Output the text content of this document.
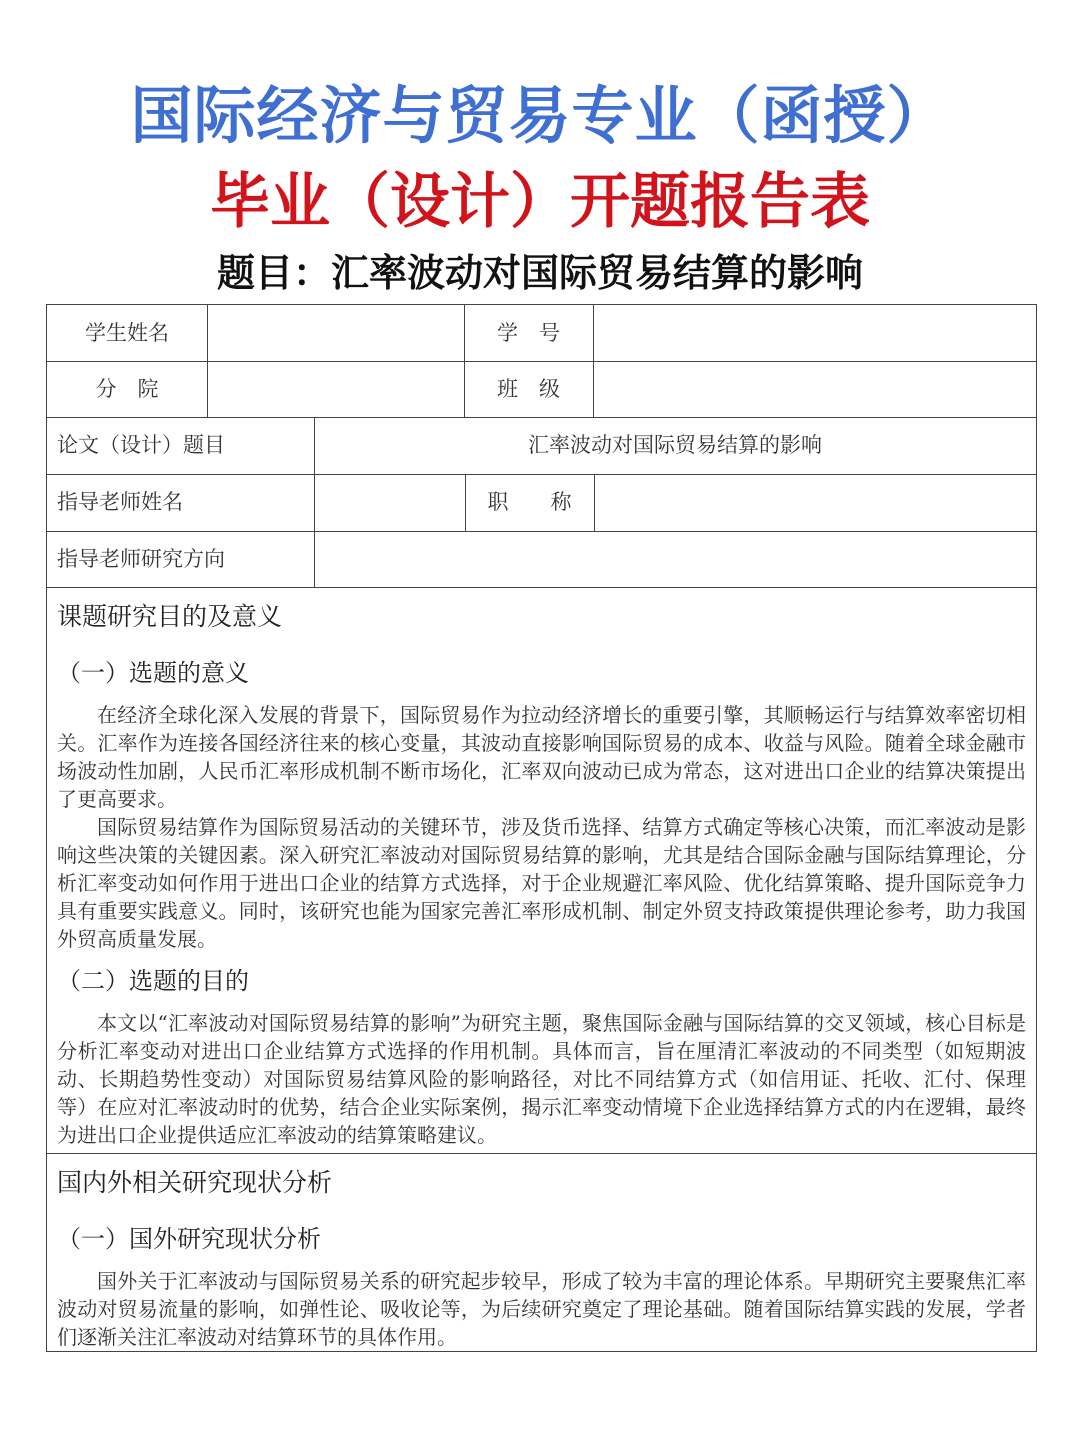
国际经济与贸易专业（函授）
毕业（设计）开题报告表
题目：汇率波动对国际贸易结算的影响
学生姓名	学　号
分　院	班　级
论文（设计）题目	汇率波动对国际贸易结算的影响
指导老师姓名	职　　称
指导老师研究方向

课题研究目的及意义

（一）选题的意义

在经济全球化深入发展的背景下，国际贸易作为拉动经济增长的重要引擎，其顺畅运行与结算效率密切相关。汇率作为连接各国经济往来的核心变量，其波动直接影响国际贸易的成本、收益与风险。随着全球金融市场波动性加剧，人民币汇率形成机制不断市场化，汇率双向波动已成为常态，这对进出口企业的结算决策提出了更高要求。

国际贸易结算作为国际贸易活动的关键环节，涉及货币选择、结算方式确定等核心决策，而汇率波动是影响这些决策的关键因素。深入研究汇率波动对国际贸易结算的影响，尤其是结合国际金融与国际结算理论，分析汇率变动如何作用于进出口企业的结算方式选择，对于企业规避汇率风险、优化结算策略、提升国际竞争力具有重要实践意义。同时，该研究也能为国家完善汇率形成机制、制定外贸支持政策提供理论参考，助力我国外贸高质量发展。

（二）选题的目的

本文以“汇率波动对国际贸易结算的影响”为研究主题，聚焦国际金融与国际结算的交叉领域，核心目标是分析汇率变动对进出口企业结算方式选择的作用机制。具体而言，旨在厘清汇率波动的不同类型（如短期波动、长期趋势性变动）对国际贸易结算风险的影响路径，对比不同结算方式（如信用证、托收、汇付、保理等）在应对汇率波动时的优势，结合企业实际案例，揭示汇率变动情境下企业选择结算方式的内在逻辑，最终为进出口企业提供适应汇率波动的结算策略建议。

国内外相关研究现状分析

（一）国外研究现状分析

国外关于汇率波动与国际贸易关系的研究起步较早，形成了较为丰富的理论体系。早期研究主要聚焦汇率波动对贸易流量的影响，如弹性论、吸收论等，为后续研究奠定了理论基础。随着国际结算实践的发展，学者们逐渐关注汇率波动对结算环节的具体作用。
